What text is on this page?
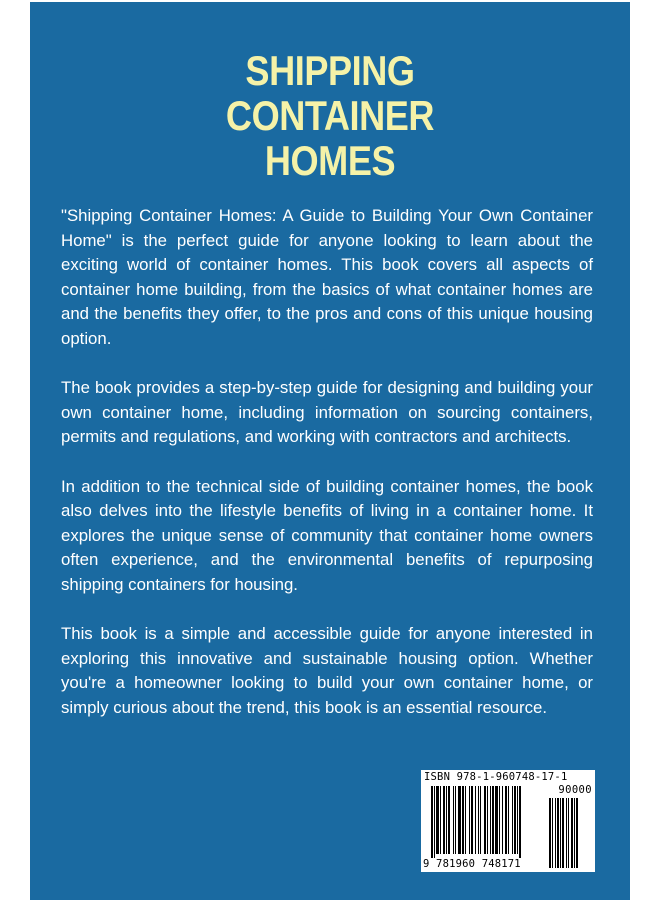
SHIPPING
CONTAINER
HOMES

"Shipping Container Homes: A Guide to Building Your Own Container Home" is the perfect guide for anyone looking to learn about the exciting world of container homes. This book covers all aspects of container home building, from the basics of what container homes are and the benefits they offer, to the pros and cons of this unique housing option.

The book provides a step-by-step guide for designing and building your own container home, including information on sourcing containers, permits and regulations, and working with contractors and architects.

In addition to the technical side of building container homes, the book also delves into the lifestyle benefits of living in a container home. It explores the unique sense of community that container home owners often experience, and the environmental benefits of repurposing shipping containers for housing.

This book is a simple and accessible guide for anyone interested in exploring this innovative and sustainable housing option. Whether you're a homeowner looking to build your own container home, or simply curious about the trend, this book is an essential resource.

ISBN 978-1-960748-17-1
90000
9 781960 748171
